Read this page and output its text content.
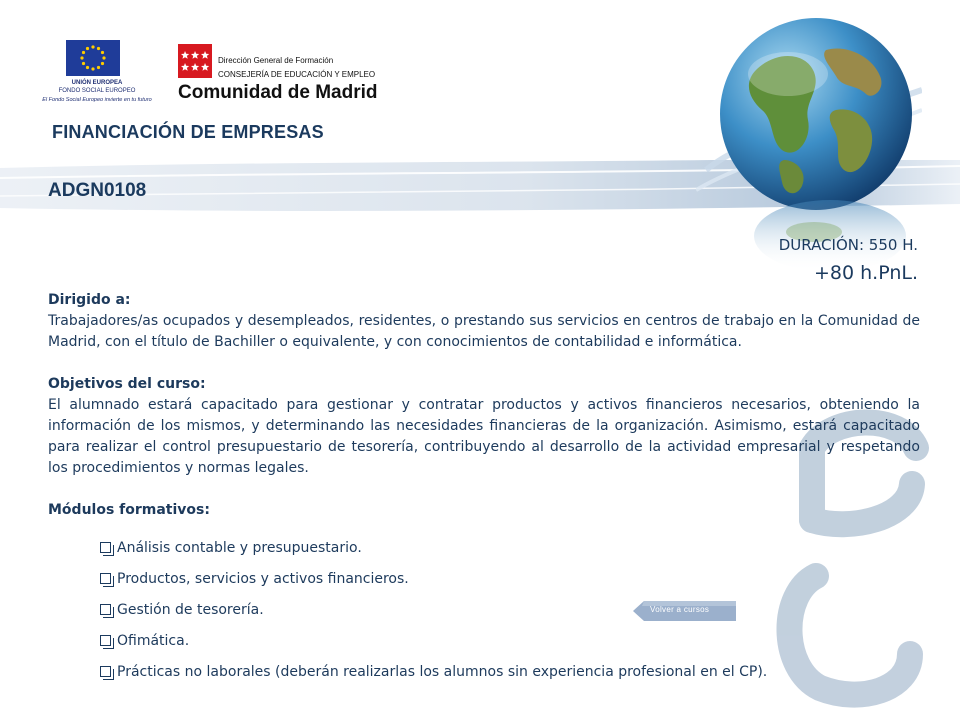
UNIÓN EUROPEA
FONDO SOCIAL EUROPEO
El Fondo Social Europeo invierte en tu futuro
Dirección General de Formación
CONSEJERÍA DE EDUCACIÓN Y EMPLEO
Comunidad de Madrid
FINANCIACIÓN DE EMPRESAS
ADGN0108
DURACIÓN: 550 H.
+80 h.PnL.
Dirigido a:
Trabajadores/as ocupados y desempleados, residentes, o prestando sus servicios en centros de trabajo en la Comunidad de Madrid, con el título de Bachiller o equivalente, y con conocimientos de contabilidad e informática.
Objetivos del curso:
El alumnado estará capacitado para gestionar y contratar productos y activos financieros necesarios, obteniendo la información de los mismos, y determinando las necesidades financieras de la organización. Asimismo, estará capacitado para realizar el control presupuestario de tesorería, contribuyendo al desarrollo de la actividad empresarial y respetando los procedimientos y normas legales.
Módulos formativos:
Análisis contable y presupuestario.
Productos, servicios y activos financieros.
Gestión de tesorería.
Ofimática.
Prácticas no laborales (deberán realizarlas los alumnos sin experiencia profesional en el CP).
Volver a cursos
